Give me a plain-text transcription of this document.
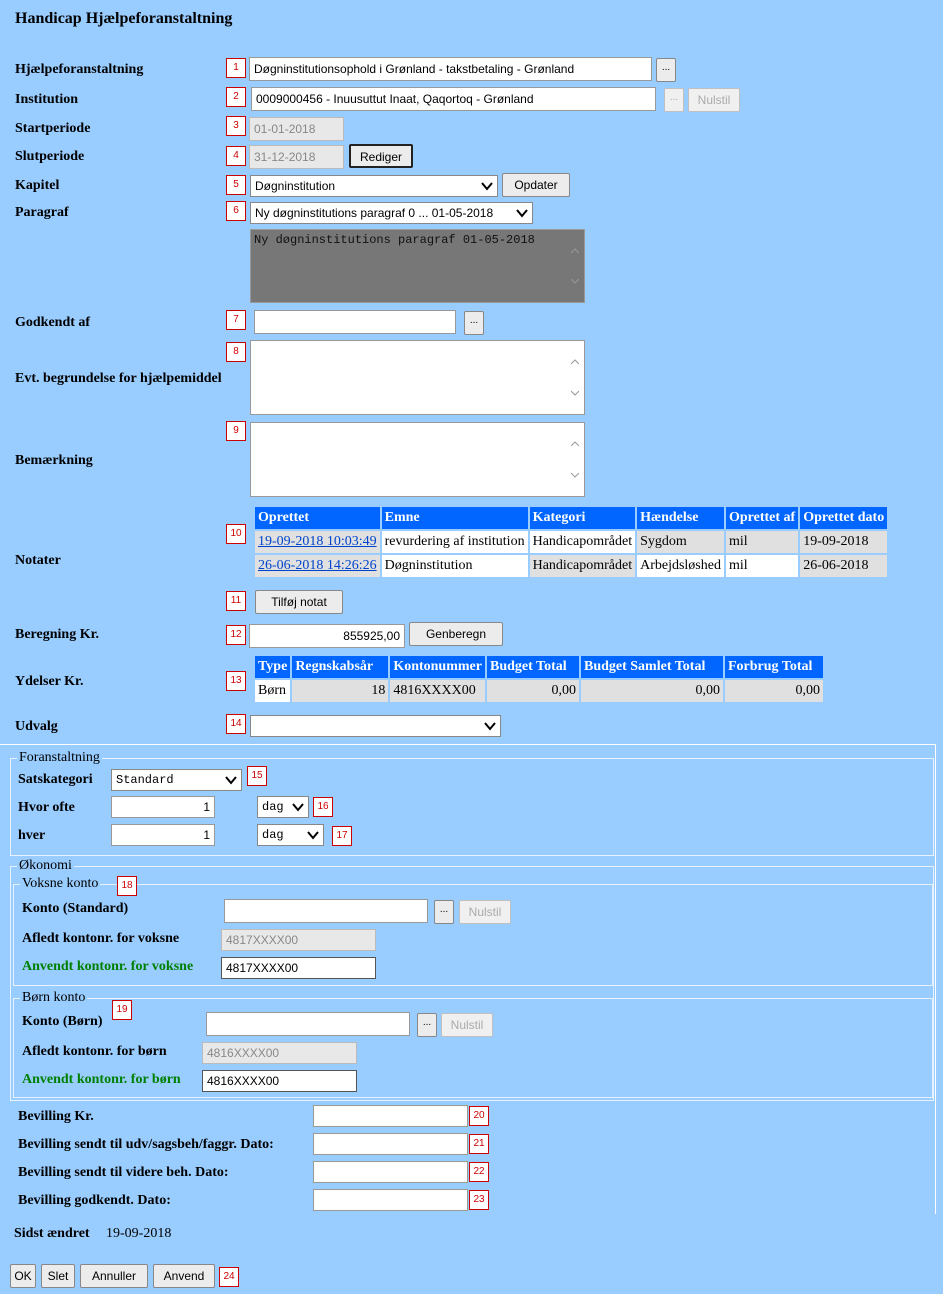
Handicap Hjælpeforanstaltning
Hjælpeforanstaltning	1	Døgninstitutionsophold i Grønland - takstbetaling - Grønland	...
Institution	2	0009000456 - Inuusuttut Inaat, Qaqortoq - Grønland	...	Nulstil
Startperiode	3	01-01-2018
Slutperiode	4	31-12-2018	Rediger
Kapitel	5	Døgninstitution	Opdater
Paragraf	6	Ny døgninstitutions paragraf 0 ... 01-05-2018
Ny døgninstitutions paragraf 01-05-2018
Godkendt af	7	...
Evt. begrundelse for hjælpemiddel
8
Bemærkning
9
Notater
10
Oprettet	Emne	Kategori	Hændelse	Oprettet af	Oprettet dato
19-09-2018 10:03:49	revurdering af institution	Handicapområdet	Sygdom	mil	19-09-2018
26-06-2018 14:26:26	Døgninstitution	Handicapområdet	Arbejdsløshed	mil	26-06-2018
11	Tilføj notat
Beregning Kr.	12	855925,00	Genberegn
Ydelser Kr.	13
Type	Regnskabsår	Kontonummer	Budget Total	Budget Samlet Total	Forbrug Total
Børn	18	4816XXXX00	0,00	0,00	0,00
Udvalg	14
Foranstaltning
Satskategori	Standard	15
Hvor ofte	1	dag	16
hver	1	dag	17
Økonomi
Voksne konto	18
Konto (Standard)	...	Nulstil
Afledt kontonr. for voksne	4817XXXX00
Anvendt kontonr. for voksne	4817XXXX00
Børn konto
19
Konto (Børn)	...	Nulstil
Afledt kontonr. for børn	4816XXXX00
Anvendt kontonr. for børn	4816XXXX00
Bevilling Kr.	20
Bevilling sendt til udv/sagsbeh/faggr. Dato:	21
Bevilling sendt til videre beh. Dato:	22
Bevilling godkendt. Dato:	23
Sidst ændret 19-09-2018
OK	Slet	Annuller	Anvend	24
